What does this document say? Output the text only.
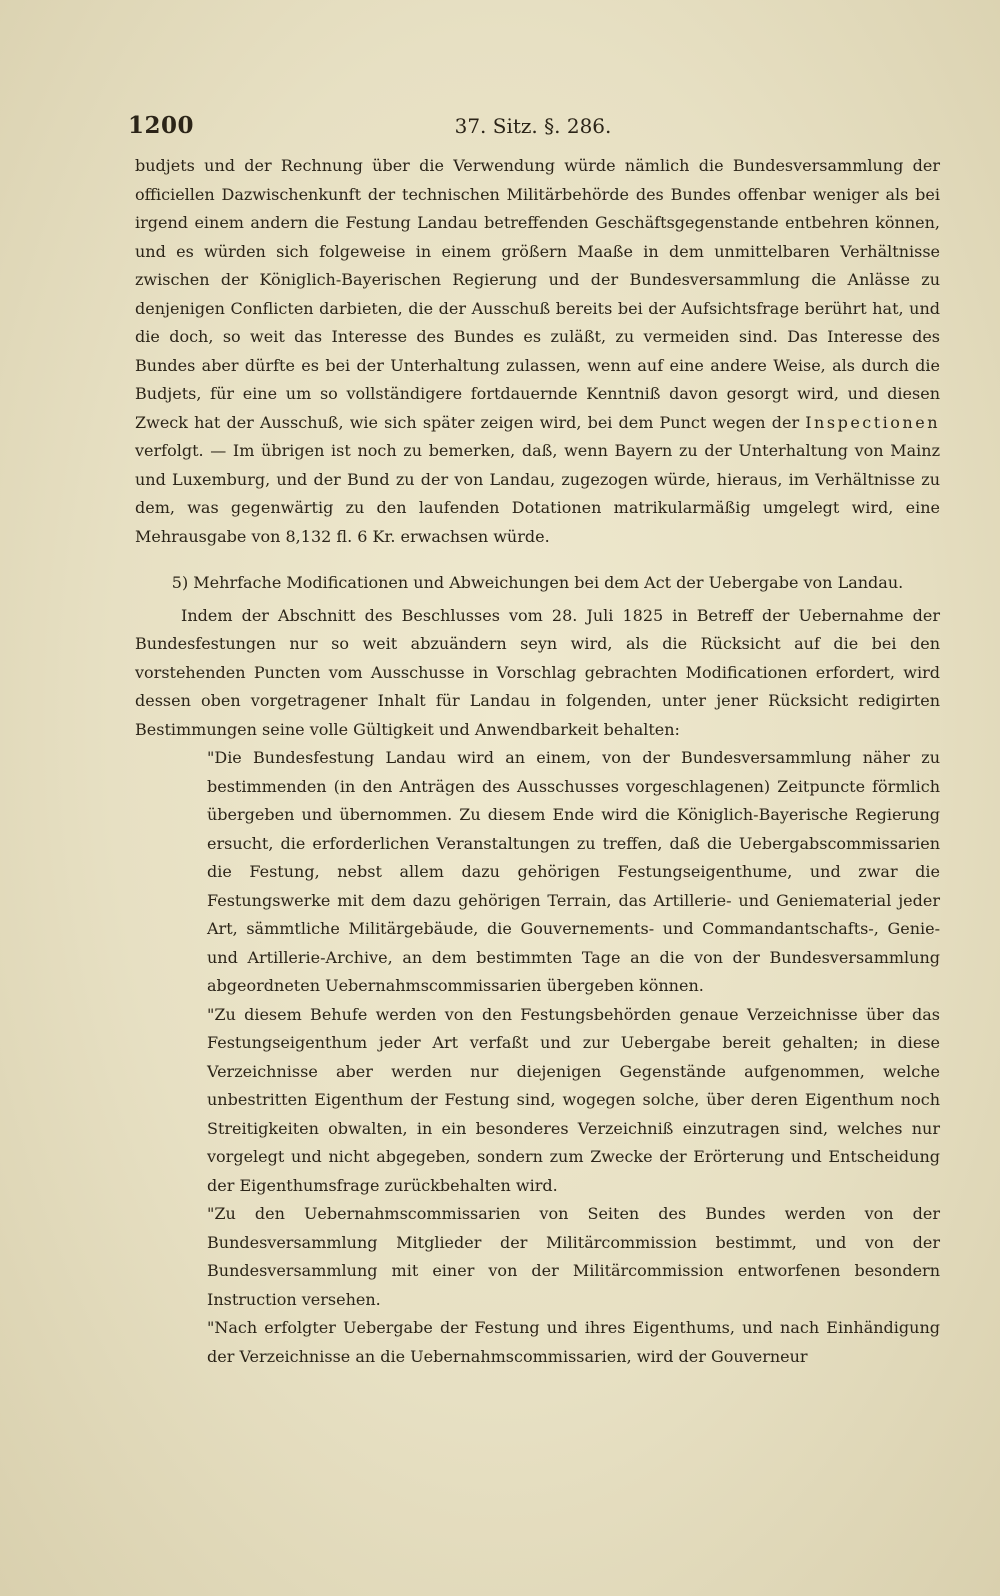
1200	37. Sitz. §. 286.

budjets und der Rechnung über die Verwendung würde nämlich die Bundesversammlung der officiellen Dazwischenkunft der technischen Militärbehörde des Bundes offenbar weniger als bei irgend einem andern die Festung Landau betreffenden Geschäftsgegenstande entbehren können, und es würden sich folgeweise in einem größern Maaße in dem unmittelbaren Verhältnisse zwischen der Königlich-Bayerischen Regierung und der Bundesversammlung die Anlässe zu denjenigen Conflicten darbieten, die der Ausschuß bereits bei der Aufsichtsfrage berührt hat, und die doch, so weit das Interesse des Bundes es zuläßt, zu vermeiden sind. Das Interesse des Bundes aber dürfte es bei der Unterhaltung zulassen, wenn auf eine andere Weise, als durch die Budjets, für eine um so vollständigere fortdauernde Kenntniß davon gesorgt wird, und diesen Zweck hat der Ausschuß, wie sich später zeigen wird, bei dem Punct wegen der Inspectionen verfolgt. — Im übrigen ist noch zu bemerken, daß, wenn Bayern zu der Unterhaltung von Mainz und Luxemburg, und der Bund zu der von Landau, zugezogen würde, hieraus, im Verhältnisse zu dem, was gegenwärtig zu den laufenden Dotationen matrikularmäßig umgelegt wird, eine Mehrausgabe von 8,132 fl. 6 Kr. erwachsen würde.

5) Mehrfache Modificationen und Abweichungen bei dem Act der Uebergabe von Landau.

Indem der Abschnitt des Beschlusses vom 28. Juli 1825 in Betreff der Uebernahme der Bundesfestungen nur so weit abzuändern seyn wird, als die Rücksicht auf die bei den vorstehenden Puncten vom Ausschusse in Vorschlag gebrachten Modificationen erfordert, wird dessen oben vorgetragener Inhalt für Landau in folgenden, unter jener Rücksicht redigirten Bestimmungen seine volle Gültigkeit und Anwendbarkeit behalten:

"Die Bundesfestung Landau wird an einem, von der Bundesversammlung näher zu bestimmenden (in den Anträgen des Ausschusses vorgeschlagenen) Zeitpuncte förmlich übergeben und übernommen. Zu diesem Ende wird die Königlich-Bayerische Regierung ersucht, die erforderlichen Veranstaltungen zu treffen, daß die Uebergabscommissarien die Festung, nebst allem dazu gehörigen Festungseigenthume, und zwar die Festungswerke mit dem dazu gehörigen Terrain, das Artillerie- und Geniematerial jeder Art, sämmtliche Militärgebäude, die Gouvernements- und Commandantschafts-, Genie- und Artillerie-Archive, an dem bestimmten Tage an die von der Bundesversammlung abgeordneten Uebernahmscommissarien übergeben können.

"Zu diesem Behufe werden von den Festungsbehörden genaue Verzeichnisse über das Festungseigenthum jeder Art verfaßt und zur Uebergabe bereit gehalten; in diese Verzeichnisse aber werden nur diejenigen Gegenstände aufgenommen, welche unbestritten Eigenthum der Festung sind, wogegen solche, über deren Eigenthum noch Streitigkeiten obwalten, in ein besonderes Verzeichniß einzutragen sind, welches nur vorgelegt und nicht abgegeben, sondern zum Zwecke der Erörterung und Entscheidung der Eigenthumsfrage zurückbehalten wird.

"Zu den Uebernahmscommissarien von Seiten des Bundes werden von der Bundesversammlung Mitglieder der Militärcommission bestimmt, und von der Bundesversammlung mit einer von der Militärcommission entworfenen besondern Instruction versehen.

"Nach erfolgter Uebergabe der Festung und ihres Eigenthums, und nach Einhändigung der Verzeichnisse an die Uebernahmscommissarien, wird der Gouverneur
